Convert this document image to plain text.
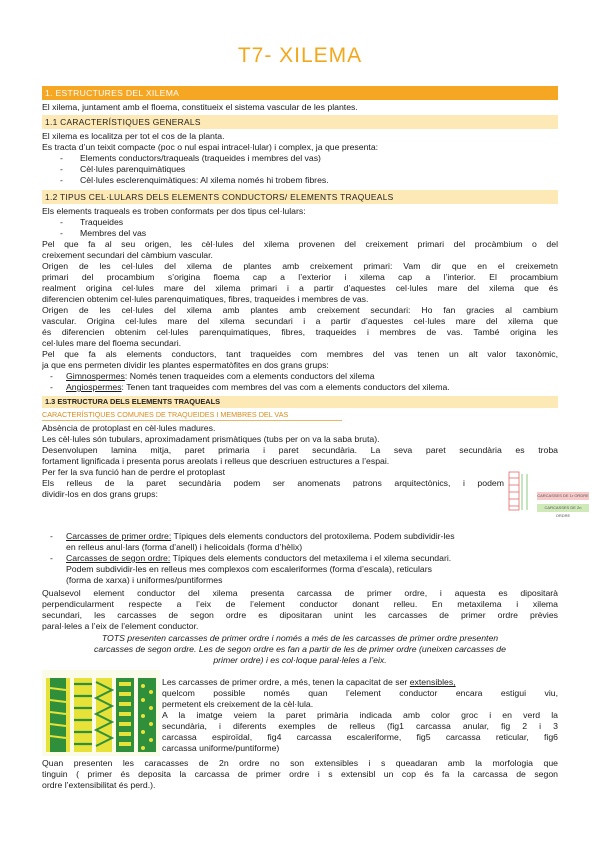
T7- XILEMA
1. ESTRUCTURES DEL XILEMA
El xilema, juntament amb el floema, constitueix el sistema vascular de les plantes.
1.1 CARACTERÍSTIQUES GENERALS
El xilema es localitza per tot el cos de la planta.
Es tracta d’un teixit compacte (poc o nul espai intracel·lular) i complex, ja que presenta:
- Elements conductors/traqueals (traqueides i membres del vas)
- Cèl·lules parenquimàtiques
- Cèl·lules esclerenquimàtiques: Al xilema només hi trobem fibres.
1.2 TIPUS CEL·LULARS DELS ELEMENTS CONDUCTORS/ ELEMENTS TRAQUEALS
Els elements traqueals es troben conformats per dos tipus cel·lulars:
- Traqueides
- Membres del vas
Pel que fa al seu origen, les cèl·lules del xilema provenen del creixement primari del procàmbium o del
creixement secundari del càmbium vascular.
Origen de les cel·lules del xilema de plantes amb creixement primari: Vam dir que en el creixemetn
primari del procambium s’origina floema cap a l’exterior i xilema cap a l’interior. El procambium
realment origina cel·lules mare del xilema primari i a partir d’aquestes cel·lules mare del xilema que és
diferencien obtenim cel·lules parenquimatiques, fibres, traqueides i membres de vas.
Origen de les cel·lules del xilema amb plantes amb creixement secundari: Ho fan gracies al cambium
vascular. Origina cel·lules mare del xilema secundari i a partir d’aquestes cel·lules mare del xilema que
és diferencien obtenim cel·lules parenquimatiques, fibres, traqueides i membres de vas. També origina les
cel·lules mare del floema secundari.
Pel que fa als elements conductors, tant traqueides com membres del vas tenen un alt valor taxonòmic,
ja que ens permeten dividir les plantes espermatòfites en dos grans grups:
- Gimnospermes: Només tenen traqueides com a elements conductors del xilema
- Angiospermes: Tenen tant traqueides com membres del vas com a elements conductors del xilema.
1.3 ESTRUCTURA DELS ELEMENTS TRAQUEALS
CARACTERÍSTIQUES COMUNES DE TRAQUEIDES I MEMBRES DEL VAS
Absència de protoplast en cèl·lules madures.
Les cèl·lules són tubulars, aproximadament prismàtiques (tubs per on va la saba bruta).
Desenvolupen lamina mitja, paret primaria i paret secundària. La seva paret secundària es troba
fortament lignificada i presenta porus areolats i relleus que descriuen estructures a l’espai.
Per fer la sva funció han de perdre el protoplast
Els relleus de la paret secundària podem ser anomenats patrons arquitectònics, i podem
dividir-los en dos grans grups:	CARCASSES DE 1r ORDRE
CARCASSES DE 2n ORDRE
- Carcasses de primer ordre: Típiques dels elements conductors del protoxilema. Podem subdividir-les
en relleus anul·lars (forma d’anell) i helicoidals (forma d’hèlix)
- Carcasses de segon ordre: Típiques dels elements conductors del metaxilema i el xilema secundari.
Podem subdividir-les en relleus mes complexos com escaleriformes (forma d’escala), reticulars
(forma de xarxa) i uniformes/puntiformes
Qualsevol element conductor del xilema presenta carcassa de primer ordre, i aquesta es dipositarà
perpendicularment respecte a l’eix de l’element conductor donant relleu. En metaxilema i xilema
secundari, les carcasses de segon ordre es dipositaran unint les carcasses de primer ordre prèvies
paral·leles a l’eix de l’element conductor.
TOTS presenten carcasses de primer ordre i només a més de les carcasses de primer ordre presenten
carcasses de segon ordre. Les de segon ordre es fan a partir de les de primer ordre (uneixen carcasses de
primer ordre) i es col·loque paral·leles a l’eix.
Les carcasses de primer ordre, a més, tenen la capacitat de ser extensibles,
quelcom possible només quan l’element conductor encara estigui viu,
permetent els creixement de la cèl·lula.
A la imatge veiem la paret primària indicada amb color groc i en verd la
secundària, i diferents exemples de relleus (fig1 carcassa anular, fig 2 i 3
carcassa espiroïdal, fig4 carcassa escaleriforme, fig5 carcassa reticular, fig6
carcassa uniforme/puntiforme)
Quan presenten les caracasses de 2n ordre no son extensibles i s queadaran amb la morfologia que
tinguin ( primer és deposita la carcassa de primer ordre i s extensibl un cop és fa la carcassa de segon
ordre l’extensibilitat és perd.).
